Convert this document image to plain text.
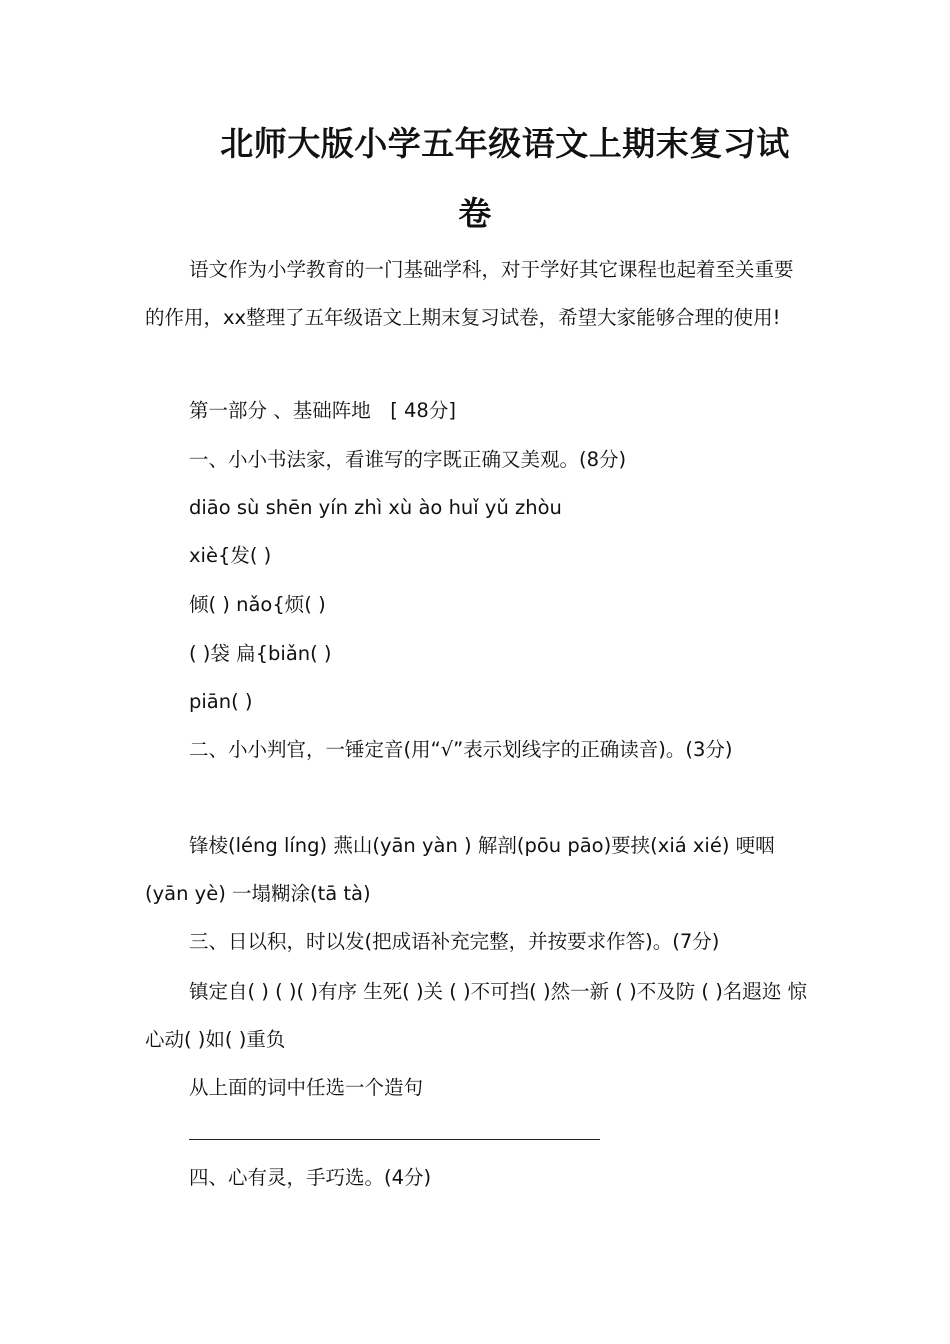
北师大版小学五年级语文上期末复习试
卷

语文作为小学教育的一门基础学科，对于学好其它课程也起着至关重要的作用，xx整理了五年级语文上期末复习试卷，希望大家能够合理的使用!

第一部分 、基础阵地　[ 48分]

一、小小书法家，看谁写的字既正确又美观。(8分)

diāo sù shēn yín zhì xù ào huǐ yǔ zhòu

xiè{发( )

倾( ) nǎo{烦( )

( )袋 扁{biǎn( )

piān( )

二、小小判官，一锤定音(用“√”表示划线字的正确读音)。(3分)

锋棱(léng líng) 燕山(yān yàn ) 解剖(pōu pāo)要挟(xiá xié) 哽咽(yān yè) 一塌糊涂(tā tà)

三、日以积，时以发(把成语补充完整，并按要求作答)。(7分)

镇定自( ) ( )( )有序 生死( )关 ( )不可挡( )然一新 ( )不及防 ( )名遐迩 惊心动( )如( )重负

从上面的词中任选一个造句

四、心有灵，手巧选。(4分)
